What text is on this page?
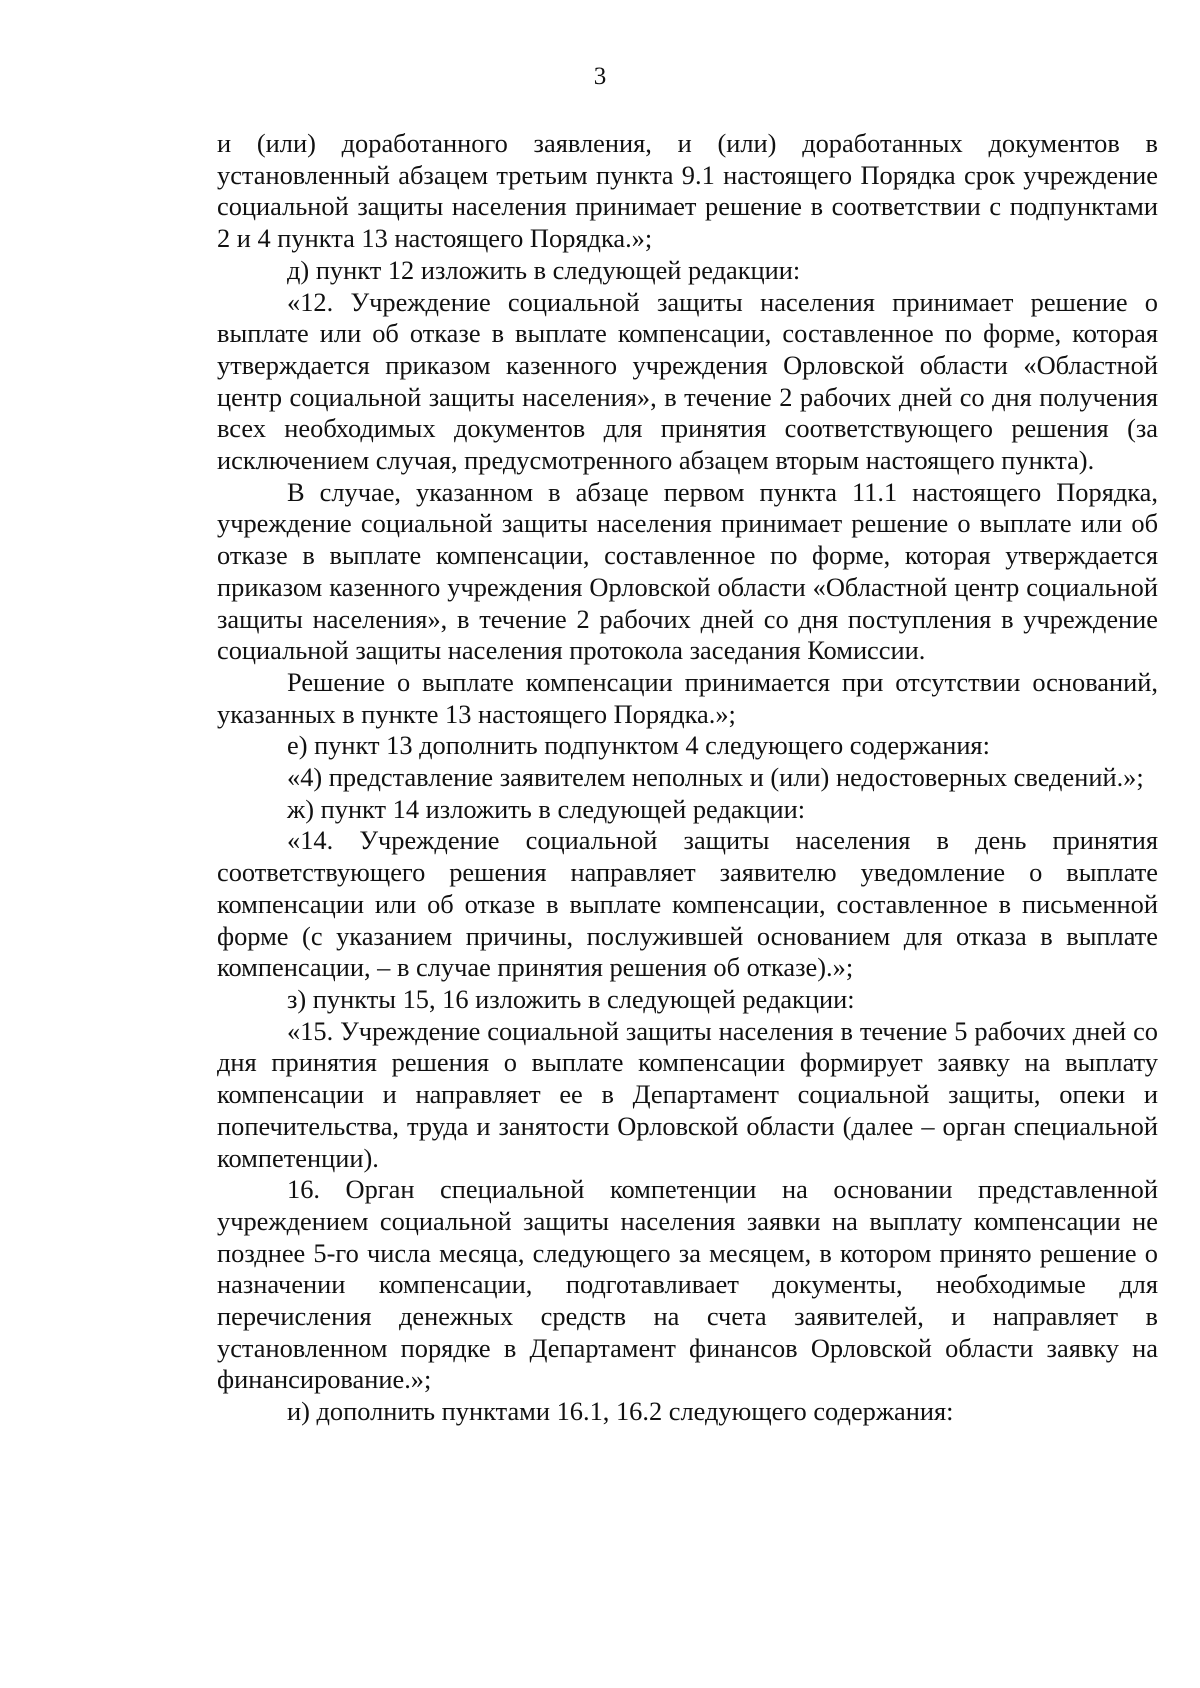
3

и (или) доработанного заявления, и (или) доработанных документов в установленный абзацем третьим пункта 9.1 настоящего Порядка срок учреждение социальной защиты населения принимает решение в соответствии с подпунктами 2 и 4 пункта 13 настоящего Порядка.»;

д) пункт 12 изложить в следующей редакции:

«12. Учреждение социальной защиты населения принимает решение о выплате или об отказе в выплате компенсации, составленное по форме, которая утверждается приказом казенного учреждения Орловской области «Областной центр социальной защиты населения», в течение 2 рабочих дней со дня получения всех необходимых документов для принятия соответствующего решения (за исключением случая, предусмотренного абзацем вторым настоящего пункта).

В случае, указанном в абзаце первом пункта 11.1 настоящего Порядка, учреждение социальной защиты населения принимает решение о выплате или об отказе в выплате компенсации, составленное по форме, которая утверждается приказом казенного учреждения Орловской области «Областной центр социальной защиты населения», в течение 2 рабочих дней со дня поступления в учреждение социальной защиты населения протокола заседания Комиссии.

Решение о выплате компенсации принимается при отсутствии оснований, указанных в пункте 13 настоящего Порядка.»;

е) пункт 13 дополнить подпунктом 4 следующего содержания:

«4) представление заявителем неполных и (или) недостоверных сведений.»;

ж) пункт 14 изложить в следующей редакции:

«14. Учреждение социальной защиты населения в день принятия соответствующего решения направляет заявителю уведомление о выплате компенсации или об отказе в выплате компенсации, составленное в письменной форме (с указанием причины, послужившей основанием для отказа в выплате компенсации, – в случае принятия решения об отказе).»;

з) пункты 15, 16 изложить в следующей редакции:

«15. Учреждение социальной защиты населения в течение 5 рабочих дней со дня принятия решения о выплате компенсации формирует заявку на выплату компенсации и направляет ее в Департамент социальной защиты, опеки и попечительства, труда и занятости Орловской области (далее – орган специальной компетенции).

16. Орган специальной компетенции на основании представленной учреждением социальной защиты населения заявки на выплату компенсации не позднее 5-го числа месяца, следующего за месяцем, в котором принято решение о назначении компенсации, подготавливает документы, необходимые для перечисления денежных средств на счета заявителей, и направляет в установленном порядке в Департамент финансов Орловской области заявку на финансирование.»;

и) дополнить пунктами 16.1, 16.2 следующего содержания:
